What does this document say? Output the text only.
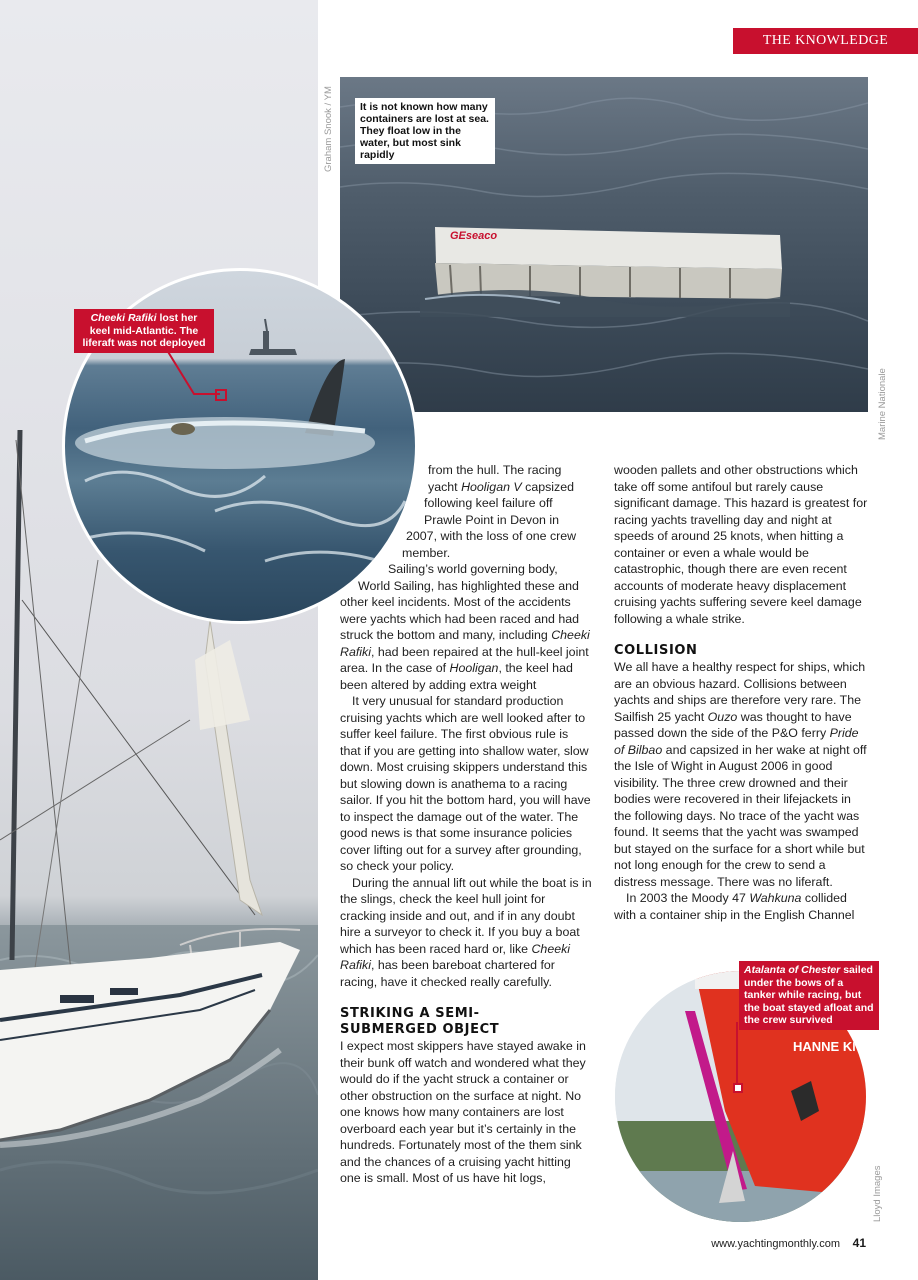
GEseaco
THE KNOWLEDGE
It is not known how many containers are lost at sea. They float low in the water, but most sink rapidly
Graham Snook / YM
Marine Nationale
Lloyd Images
Cheeki Rafiki lost her keel mid-Atlantic. The liferaft was not deployed
HANNE KN
Atalanta of Chester sailed under the bows of a tanker while racing, but the boat stayed afloat and the crew survived

from the hull. The racing yacht Hooligan V capsized following keel failure off Prawle Point in Devon in 2007, with the loss of one crew member.

Sailing’s world governing body, World Sailing, has highlighted these and other keel incidents. Most of the accidents were yachts which had been raced and had struck the bottom and many, including Cheeki Rafiki, had been repaired at the hull-keel joint area. In the case of Hooligan, the keel had been altered by adding extra weight

It very unusual for standard production cruising yachts which are well looked after to suffer keel failure. The first obvious rule is that if you are getting into shallow water, slow down. Most cruising skippers understand this but slowing down is anathema to a racing sailor. If you hit the bottom hard, you will have to inspect the damage out of the water. The good news is that some insurance policies cover lifting out for a survey after grounding, so check your policy.

During the annual lift out while the boat is in the slings, check the keel hull joint for cracking inside and out, and if in any doubt hire a surveyor to check it. If you buy a boat which has been raced hard or, like Cheeki Rafiki, has been bareboat chartered for racing, have it checked really carefully.

STRIKING A SEMI-SUBMERGED OBJECT

I expect most skippers have stayed awake in their bunk off watch and wondered what they would do if the yacht struck a container or other obstruction on the surface at night. No one knows how many containers are lost overboard each year but it’s certainly in the hundreds. Fortunately most of the them sink and the chances of a cruising yacht hitting one is small. Most of us have hit logs,

wooden pallets and other obstructions which take off some antifoul but rarely cause significant damage. This hazard is greatest for racing yachts travelling day and night at speeds of around 25 knots, when hitting a container or even a whale would be catastrophic, though there are even recent accounts of moderate heavy displacement cruising yachts suffering severe keel damage following a whale strike.

COLLISION

We all have a healthy respect for ships, which are an obvious hazard. Collisions between yachts and ships are therefore very rare. The Sailfish 25 yacht Ouzo was thought to have passed down the side of the P&O ferry Pride of Bilbao and capsized in her wake at night off the Isle of Wight in August 2006 in good visibility. The three crew drowned and their bodies were recovered in their lifejackets in the following days. No trace of the yacht was found. It seems that the yacht was swamped but stayed on the surface for a short while but not long enough for the crew to send a distress message. There was no liferaft.

In 2003 the Moody 47 Wahkuna collided with a container ship in the English Channel

www.yachtingmonthly.com 41
